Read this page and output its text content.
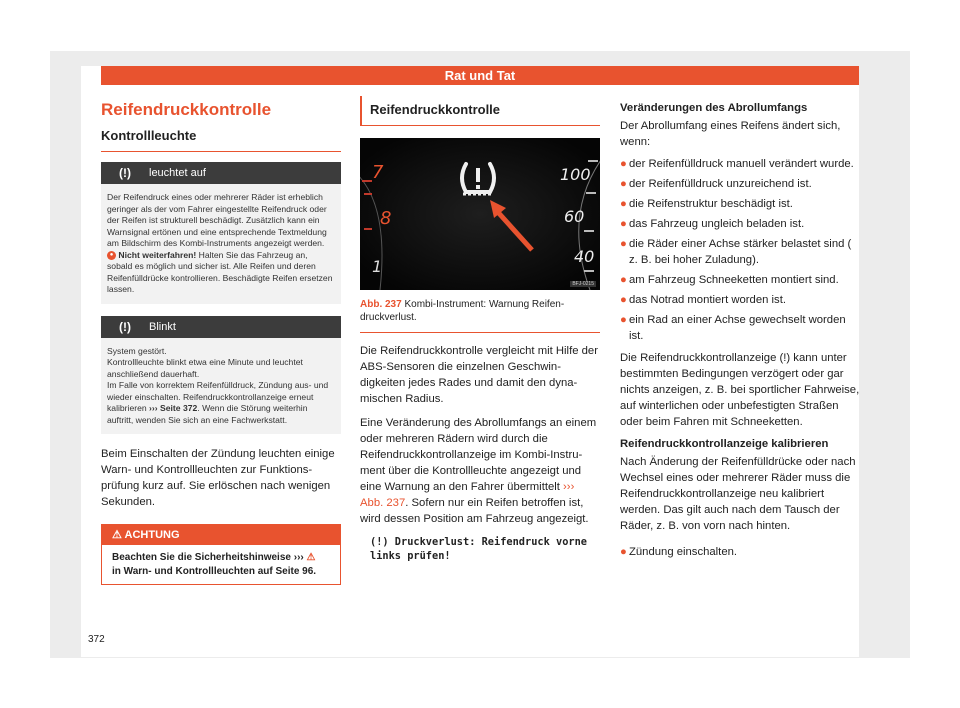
Rat und Tat
372
Reifendruckkontrolle
Kontrollleuchte
(!)	leuchtet auf
Der Reifendruck eines oder mehrerer Räder ist erheblich geringer als der vom Fahrer eingestellte Reifendruck oder der Reifen ist strukturell beschädigt. Zusätzlich kann ein Warnsignal ertönen und eine entsprechende Textmeldung am Bildschirm des Kombi-Instruments angezeigt werden.
● Nicht weiterfahren! Halten Sie das Fahrzeug an, sobald es möglich und sicher ist. Alle Reifen und deren Reifenfülldrücke kontrollieren. Beschädigte Reifen ersetzen lassen.
(!)	Blinkt
System gestört.
Kontrollleuchte blinkt etwa eine Minute und leuchtet anschließend dauerhaft.
Im Falle von korrektem Reifenfülldruck, Zündung aus- und wieder einschalten. Reifendruckkontrollanzeige erneut kalibrieren ››› Seite 372. Wenn die Störung weiterhin auftritt, wenden Sie sich an eine Fachwerkstatt.

Beim Einschalten der Zündung leuchten einige Warn- und Kontrollleuchten zur Funktionsprüfung kurz auf. Sie erlöschen nach wenigen Sekunden.

⚠ ACHTUNG
Beachten Sie die Sicherheitshinweise ››› ⚠
in Warn- und Kontrollleuchten auf Seite 96.
Reifendruckkontrolle
7
8
1
100
60
40
BFJ-0215
Abb. 237 Kombi-Instrument: Warnung Reifendruckverlust.

Die Reifendruckkontrolle vergleicht mit Hilfe der ABS-Sensoren die einzelnen Geschwindigkeiten jedes Rades und damit den dynamischen Radius.

Eine Veränderung des Abrollumfangs an einem oder mehreren Rädern wird durch die Reifendruckkontrollanzeige im Kombi-Instrument über die Kontrollleuchte angezeigt und eine Warnung an den Fahrer übermittelt ››› Abb. 237. Sofern nur ein Reifen betroffen ist, wird dessen Position am Fahrzeug angezeigt.

(!) Druckverlust: Reifendruck vorne links prüfen!
Veränderungen des Abrollumfangs

Der Abrollumfang eines Reifens ändert sich, wenn:

● der Reifenfülldruck manuell verändert wurde.
● der Reifenfülldruck unzureichend ist.
● die Reifenstruktur beschädigt ist.
● das Fahrzeug ungleich beladen ist.
● die Räder einer Achse stärker belastet sind ( z. B. bei hoher Zuladung).
● am Fahrzeug Schneeketten montiert sind.
● das Notrad montiert worden ist.
● ein Rad an einer Achse gewechselt worden ist.

Die Reifendruckkontrollanzeige (!) kann unter bestimmten Bedingungen verzögert oder gar nichts anzeigen, z. B. bei sportlicher Fahrweise, auf winterlichen oder unbefestigten Straßen oder beim Fahren mit Schneeketten.

Reifendruckkontrollanzeige kalibrieren

Nach Änderung der Reifenfülldrücke oder nach Wechsel eines oder mehrerer Räder muss die Reifendruckkontrollanzeige neu kalibriert werden. Das gilt auch nach dem Tausch der Räder, z. B. von vorn nach hinten.

● Zündung einschalten.
